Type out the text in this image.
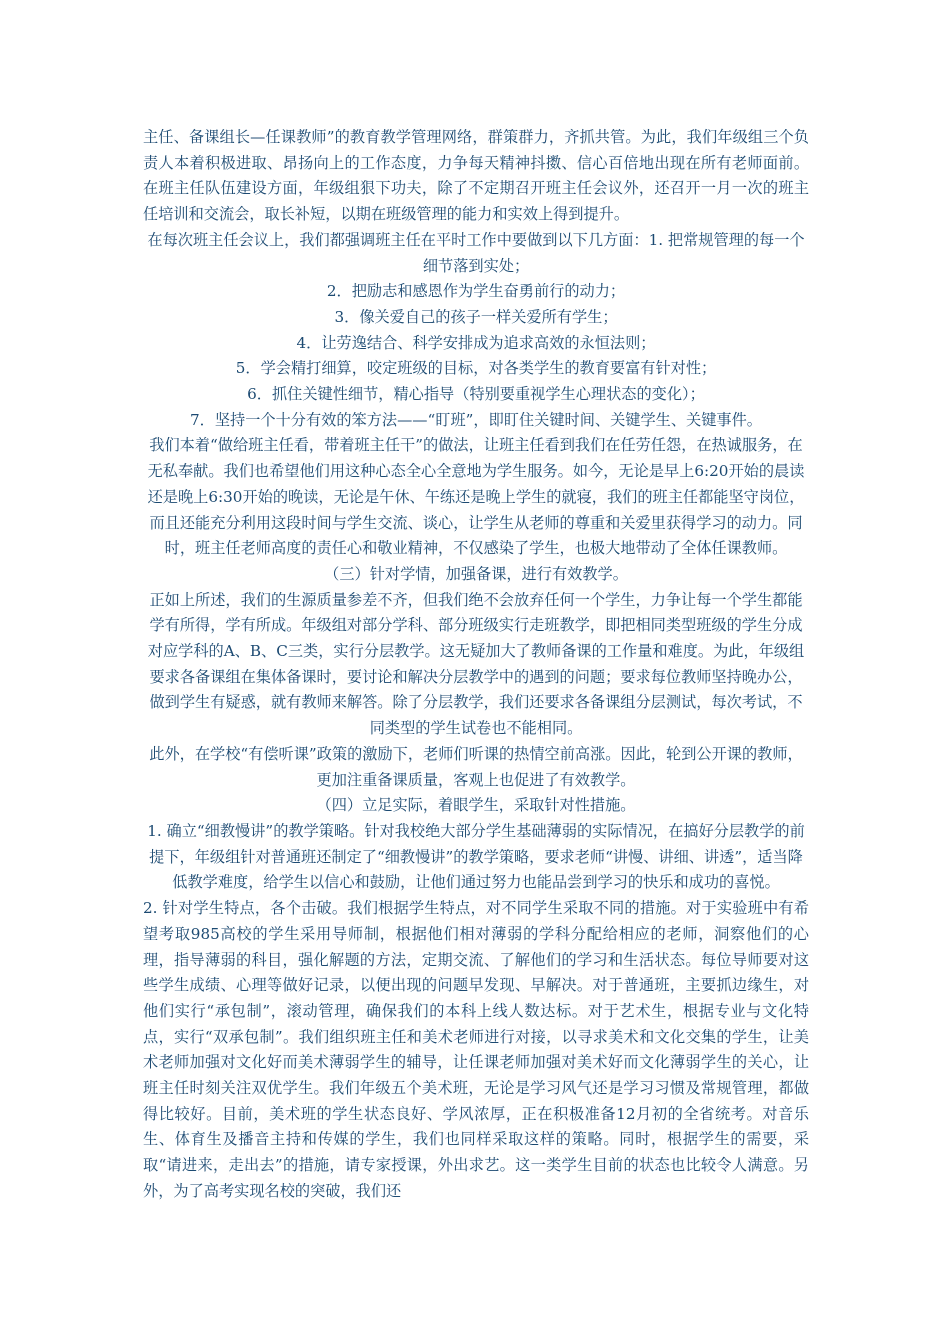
主任、备课组长—任课教师”的教育教学管理网络，群策群力，齐抓共管。为此，我们年级组三个负责人本着积极进取、昂扬向上的工作态度，力争每天精神抖擞、信心百倍地出现在所有老师面前。在班主任队伍建设方面，年级组狠下功夫，除了不定期召开班主任会议外，还召开一月一次的班主任培训和交流会，取长补短，以期在班级管理的能力和实效上得到提升。

在每次班主任会议上，我们都强调班主任在平时工作中要做到以下几方面：1. 把常规管理的每一个细节落到实处；

2．把励志和感恩作为学生奋勇前行的动力；

3．像关爱自己的孩子一样关爱所有学生；

4．让劳逸结合、科学安排成为追求高效的永恒法则；

5．学会精打细算，咬定班级的目标，对各类学生的教育要富有针对性；

6．抓住关键性细节，精心指导（特别要重视学生心理状态的变化）；

7．坚持一个十分有效的笨方法——“盯班”，即盯住关键时间、关键学生、关键事件。

我们本着“做给班主任看，带着班主任干”的做法，让班主任看到我们在任劳任怨，在热诚服务，在无私奉献。我们也希望他们用这种心态全心全意地为学生服务。如今，无论是早上6:20开始的晨读还是晚上6:30开始的晚读，无论是午休、午练还是晚上学生的就寝，我们的班主任都能坚守岗位，而且还能充分利用这段时间与学生交流、谈心，让学生从老师的尊重和关爱里获得学习的动力。同时，班主任老师高度的责任心和敬业精神，不仅感染了学生，也极大地带动了全体任课教师。

（三）针对学情，加强备课，进行有效教学。

正如上所述，我们的生源质量参差不齐，但我们绝不会放弃任何一个学生，力争让每一个学生都能学有所得，学有所成。年级组对部分学科、部分班级实行走班教学，即把相同类型班级的学生分成对应学科的A、B、C三类，实行分层教学。这无疑加大了教师备课的工作量和难度。为此，年级组要求各备课组在集体备课时，要讨论和解决分层教学中的遇到的问题；要求每位教师坚持晚办公，做到学生有疑惑，就有教师来解答。除了分层教学，我们还要求各备课组分层测试，每次考试，不同类型的学生试卷也不能相同。

此外，在学校“有偿听课”政策的激励下，老师们听课的热情空前高涨。因此，轮到公开课的教师，更加注重备课质量，客观上也促进了有效教学。

（四）立足实际，着眼学生，采取针对性措施。

1. 确立“细教慢讲”的教学策略。针对我校绝大部分学生基础薄弱的实际情况，在搞好分层教学的前提下，年级组针对普通班还制定了“细教慢讲”的教学策略，要求老师“讲慢、讲细、讲透”，适当降低教学难度，给学生以信心和鼓励，让他们通过努力也能品尝到学习的快乐和成功的喜悦。

2. 针对学生特点，各个击破。我们根据学生特点，对不同学生采取不同的措施。对于实验班中有希望考取985高校的学生采用导师制，根据他们相对薄弱的学科分配给相应的老师，洞察他们的心理，指导薄弱的科目，强化解题的方法，定期交流、了解他们的学习和生活状态。每位导师要对这些学生成绩、心理等做好记录，以便出现的问题早发现、早解决。对于普通班，主要抓边缘生，对他们实行“承包制”，滚动管理，确保我们的本科上线人数达标。对于艺术生，根据专业与文化特点，实行“双承包制”。我们组织班主任和美术老师进行对接，以寻求美术和文化交集的学生，让美术老师加强对文化好而美术薄弱学生的辅导，让任课老师加强对美术好而文化薄弱学生的关心，让班主任时刻关注双优学生。我们年级五个美术班，无论是学习风气还是学习习惯及常规管理，都做得比较好。目前，美术班的学生状态良好、学风浓厚，正在积极准备12月初的全省统考。对音乐生、体育生及播音主持和传媒的学生，我们也同样采取这样的策略。同时，根据学生的需要，采取“请进来，走出去”的措施，请专家授课，外出求艺。这一类学生目前的状态也比较令人满意。另外，为了高考实现名校的突破，我们还
